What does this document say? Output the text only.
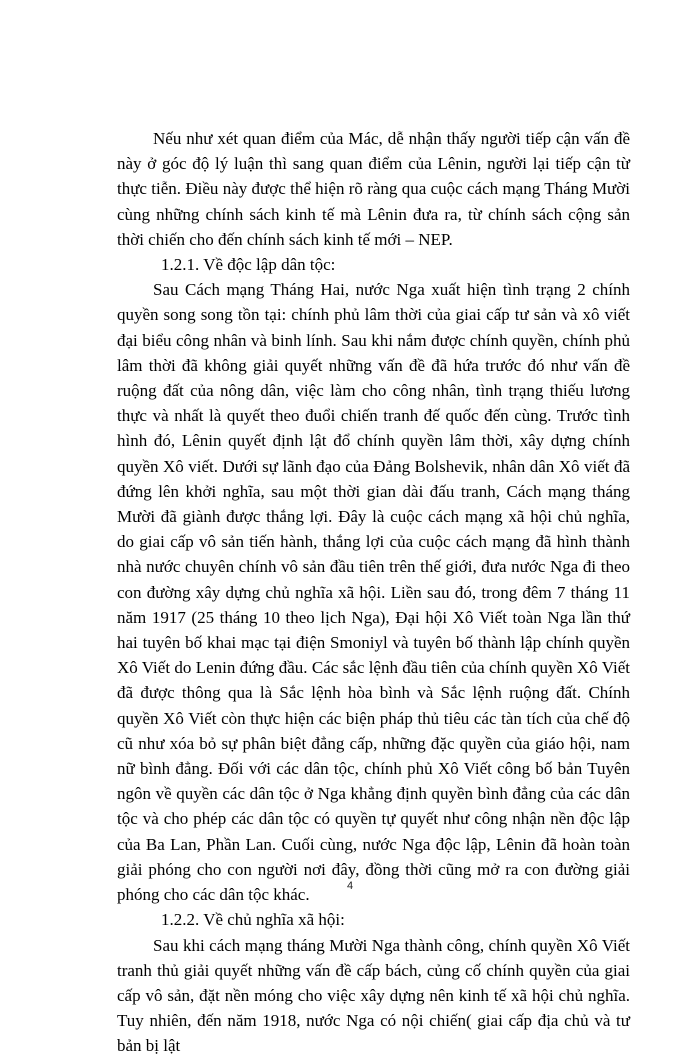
Nếu như xét quan điểm của Mác, dễ nhận thấy người tiếp cận vấn đề này ở góc độ lý luận thì sang quan điểm của Lênin, người lại tiếp cận từ thực tiễn. Điều này được thể hiện rõ ràng qua cuộc cách mạng Tháng Mười cùng những chính sách kinh tế mà Lênin đưa ra, từ chính sách cộng sản thời chiến cho đến chính sách kinh tế mới – NEP.

1.2.1. Về độc lập dân tộc:

Sau Cách mạng Tháng Hai, nước Nga xuất hiện tình trạng 2 chính quyền song song tồn tại: chính phủ lâm thời của giai cấp tư sản và xô viết đại biểu công nhân và binh lính. Sau khi nắm được chính quyền, chính phủ lâm thời đã không giải quyết những vấn đề đã hứa trước đó như vấn đề ruộng đất của nông dân, việc làm cho công nhân, tình trạng thiếu lương thực và nhất là quyết theo đuổi chiến tranh đế quốc đến cùng. Trước tình hình đó, Lênin quyết định lật đổ chính quyền lâm thời, xây dựng chính quyền Xô viết. Dưới sự lãnh đạo của Đảng Bolshevik, nhân dân Xô viết đã đứng lên khởi nghĩa, sau một thời gian dài đấu tranh, Cách mạng tháng Mười đã giành được thắng lợi. Đây là cuộc cách mạng xã hội chủ nghĩa, do giai cấp vô sản tiến hành, thắng lợi của cuộc cách mạng đã hình thành nhà nước chuyên chính vô sản đầu tiên trên thế giới, đưa nước Nga đi theo con đường xây dựng chủ nghĩa xã hội. Liền sau đó, trong đêm 7 tháng 11 năm 1917 (25 tháng 10 theo lịch Nga), Đại hội Xô Viết toàn Nga lần thứ hai tuyên bố khai mạc tại điện Smoniyl và tuyên bố thành lập chính quyền Xô Viết do Lenin đứng đầu. Các sắc lệnh đầu tiên của chính quyền Xô Viết đã được thông qua là Sắc lệnh hòa bình và Sắc lệnh ruộng đất. Chính quyền Xô Viết còn thực hiện các biện pháp thủ tiêu các tàn tích của chế độ cũ như xóa bỏ sự phân biệt đẳng cấp, những đặc quyền của giáo hội, nam nữ bình đẳng. Đối với các dân tộc, chính phủ Xô Viết công bố bản Tuyên ngôn về quyền các dân tộc ở Nga khẳng định quyền bình đẳng của các dân tộc và cho phép các dân tộc có quyền tự quyết như công nhận nền độc lập của Ba Lan, Phần Lan. Cuối cùng, nước Nga độc lập, Lênin đã hoàn toàn giải phóng cho con người nơi đây, đồng thời cũng mở ra con đường giải phóng cho các dân tộc khác.

1.2.2. Về chủ nghĩa xã hội:

Sau khi cách mạng tháng Mười Nga thành công, chính quyền Xô Viết tranh thủ giải quyết những vấn đề cấp bách, củng cố chính quyền của giai cấp vô sản, đặt nền móng cho việc xây dựng nên kinh tế xã hội chủ nghĩa. Tuy nhiên, đến năm 1918, nước Nga có nội chiến( giai cấp địa chủ và tư bản bị lật

4
